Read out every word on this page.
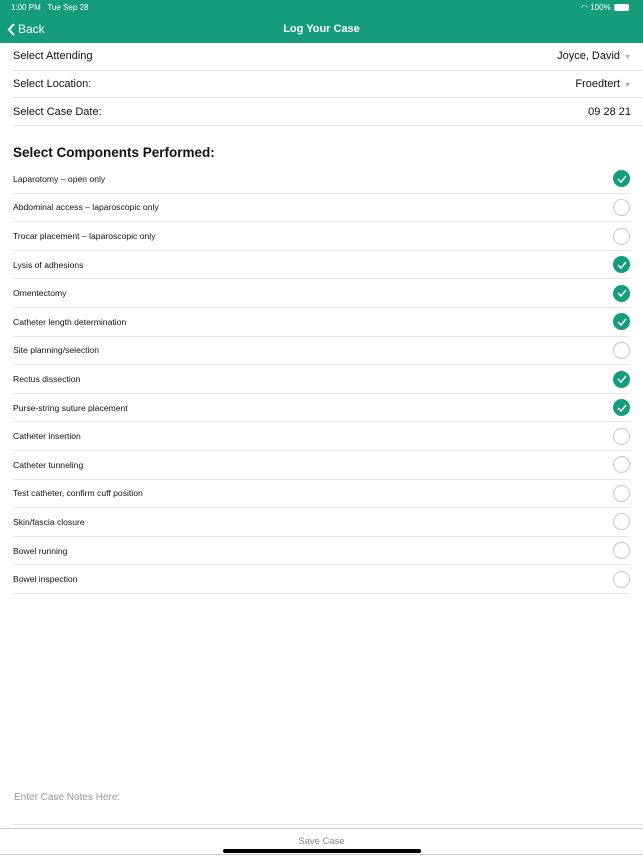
1:00 PM Tue Sep 28	◠ 100%
Back	Log Your Case
Select Attending	Joyce, David ▼
Select Location:	Froedtert ▼
Select Case Date:	09 28 21
Select Components Performed:
Laparotomy – open only
Abdominal access – laparoscopic only
Trocar placement – laparoscopic only
Lysis of adhesions
Omentectomy
Catheter length determination
Site planning/selection
Rectus dissection
Purse-string suture placement
Catheter insertion
Catheter tunneling
Test catheter, confirm cuff position
Skin/fascia closure
Bowel running
Bowel inspection
Enter Case Notes Here:
Save Case
